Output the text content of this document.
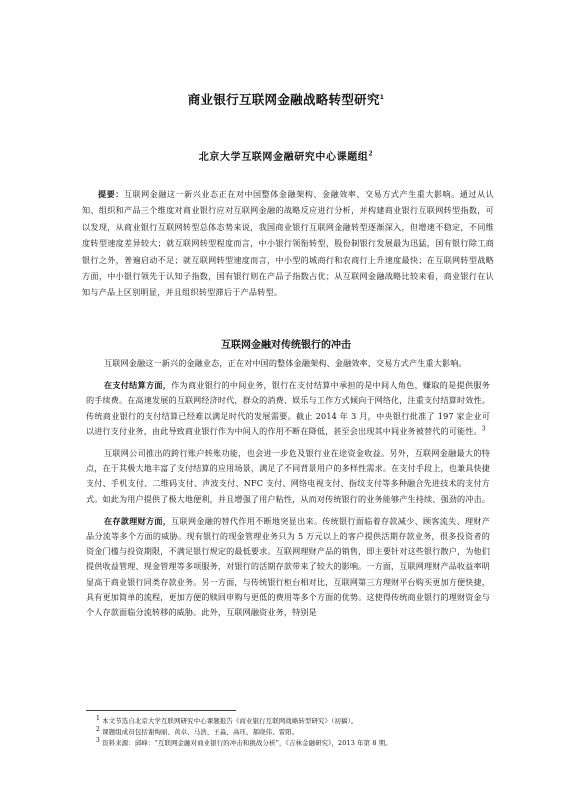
商业银行互联网金融战略转型研究$^1$
北京大学互联网金融研究中心课题组$^2$

提要：互联网金融这一新兴业态正在对中国整体金融架构、金融效率、交易方式产生重大影响。通过从认知、组织和产品三个维度对商业银行应对互联网金融的战略反应进行分析，并构建商业银行互联网转型指数，可以发现，从商业银行互联网转型总体态势来说，我国商业银行互联网金融转型逐渐深入，但增速不稳定，不同维度转型速度差异较大；就互联网转型程度而言，中小银行领衔转型，股份制银行发展最为迅猛，国有银行除工商银行之外，普遍启动不足；就互联网转型速度而言，中小型的城商行和农商行上升速度最快；在互联网转型战略方面，中小银行领先于认知子指数，国有银行则在产品子指数占优；从互联网金融战略比较来看，商业银行在认知与产品上区别明显，并且组织转型滞后于产品转型。

互联网金融对传统银行的冲击

互联网金融这一新兴的金融业态，正在对中国的整体金融架构、金融效率、交易方式产生重大影响。

在支付结算方面，作为商业银行的中间业务，银行在支付结算中承担的是中间人角色，赚取的是提供服务的手续费。在高速发展的互联网经济时代，群众的消费、娱乐与工作方式倾向于网络化，注重支付结算时效性。传统商业银行的支付结算已经难以满足时代的发展需要。截止 2014 年 3 月，中央银行批准了 197 家企业可以进行支付业务，由此导致商业银行作为中间人的作用不断在降低，甚至会出现其中间业务被替代的可能性。$^3$

互联网公司推出的跨行账户转账功能，也会进一步危及银行业在途资金收益。另外，互联网金融最大的特点，在于其极大地丰富了支付结算的应用场景，满足了不同背景用户的多样性需求。在支付手段上，也兼具快捷支付、手机支付、二维码支付、声波支付、NFC 支付、网络电视支付、指纹支付等多种融合先进技术的支付方式。如此为用户提供了极大地便利，并且增强了用户粘性，从而对传统银行的业务能够产生持续、强劲的冲击。

在存款理财方面，互联网金融的替代作用不断地突显出来。传统银行面临着存款减少、顾客流失、理财产品分流等多个方面的威胁。现有银行的现金管理业务只为 5 万元以上的客户提供活期存款业务，很多投资者的资金门槛与投资期限，不满足银行规定的最低要求。互联网理财产品的销售，即主要针对这些银行散户，为他们提供收益管理、现金管理等多项服务，对银行的活期存款带来了较大的影响。一方面，互联网理财产品收益率明显高于商业银行同类存款业务。另一方面，与传统银行柜台相对比，互联网第三方理财平台购买更加方便快捷，具有更加简单的流程，更加方便的赎回申购与更低的费用等多个方面的优势。这使得传统商业银行的理财资金与个人存款面临分流转移的威胁。此外，互联网融资业务，特别是

$^1$ 本文节选自北京大学互联网研究中心课题报告《商业银行互联网战略转型研究》（初稿）。

$^2$ 课题组成员包括谢绚丽、黄卓、马浩、王淼、高珏、郝晓伟、雷阳。

$^3$ 资料来源：邱峰：“互联网金融对商业银行的冲击和挑战分析”，《吉林金融研究》，2013 年第 8 期。
